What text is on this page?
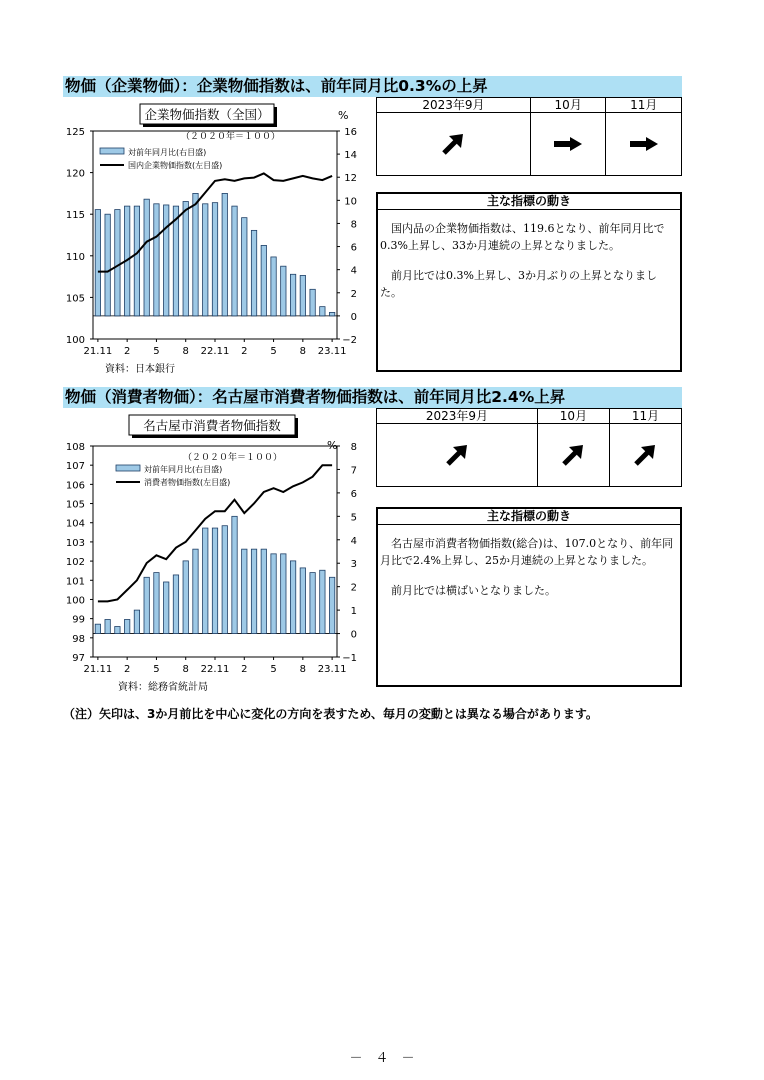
物価（企業物価）：企業物価指数は、前年同月比0.3%の上昇
企業物価指数（全国）	%
100
105
110
115
120
125
−2
0
2
4
6
8
10
12
14
16
21.11 2 5 8 22.11 2 5 8 23.11
（２０２０年＝１００）
対前年同月比(右目盛)
国内企業物価指数(左目盛)
資料：日本銀行
2023年9月	10月	11月

主な指標の動き

国内品の企業物価指数は、119.6となり、前年同月比で0.3%上昇し、33か月連続の上昇となりました。

前月比では0.3%上昇し、3か月ぶりの上昇となりました。

物価（消費者物価）：名古屋市消費者物価指数は、前年同月比2.4%上昇
名古屋市消費者物価指数
%
97
98
99
100
101
102
103
104
105
106
107
108
−1
0
1
2
3
4
5
6
7
8
21.11 2 5 8 22.11 2 5 8 23.11
（２０２０年＝１００）
対前年同月比(右目盛)
消費者物価指数(左目盛)
資料：総務省統計局
2023年9月	10月	11月

主な指標の動き

名古屋市消費者物価指数(総合)は、107.0となり、前年同月比で2.4%上昇し、25か月連続の上昇となりました。

前月比では横ばいとなりました。

（注）矢印は、3か月前比を中心に変化の方向を表すため、毎月の変動とは異なる場合があります。
－　４　－
